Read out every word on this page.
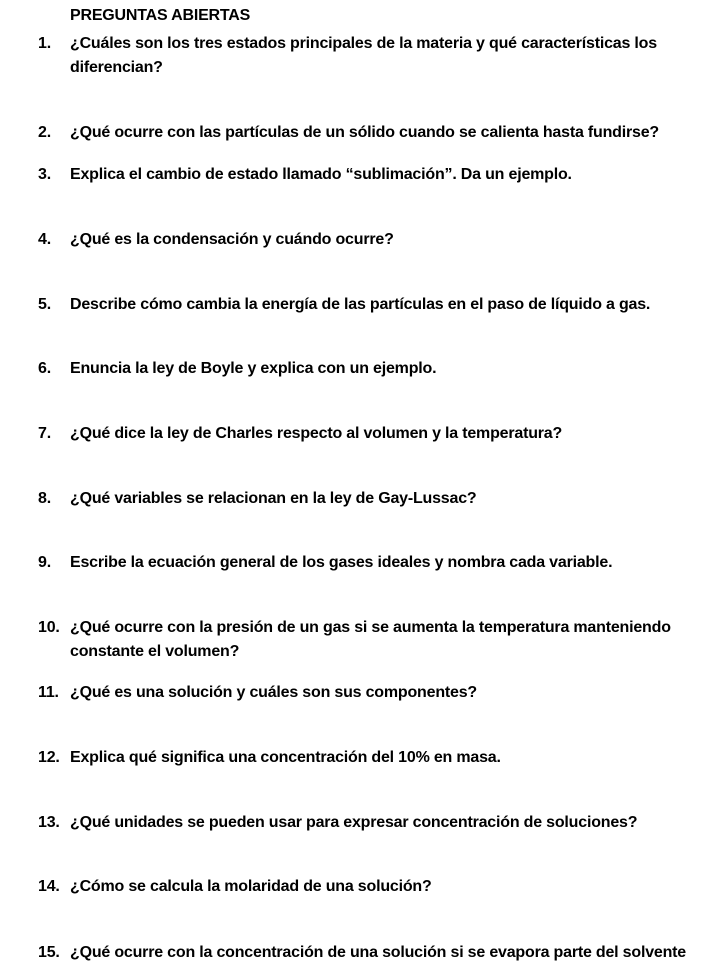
PREGUNTAS ABIERTAS
1. ¿Cuáles son los tres estados principales de la materia y qué características los
diferencian?
2. ¿Qué ocurre con las partículas de un sólido cuando se calienta hasta fundirse?
3. Explica el cambio de estado llamado “sublimación”. Da un ejemplo.
4. ¿Qué es la condensación y cuándo ocurre?
5. Describe cómo cambia la energía de las partículas en el paso de líquido a gas.
6. Enuncia la ley de Boyle y explica con un ejemplo.
7. ¿Qué dice la ley de Charles respecto al volumen y la temperatura?
8. ¿Qué variables se relacionan en la ley de Gay-Lussac?
9. Escribe la ecuación general de los gases ideales y nombra cada variable.
10. ¿Qué ocurre con la presión de un gas si se aumenta la temperatura manteniendo
constante el volumen?
11. ¿Qué es una solución y cuáles son sus componentes?
12. Explica qué significa una concentración del 10% en masa.
13. ¿Qué unidades se pueden usar para expresar concentración de soluciones?
14. ¿Cómo se calcula la molaridad de una solución?
15. ¿Qué ocurre con la concentración de una solución si se evapora parte del solvente
